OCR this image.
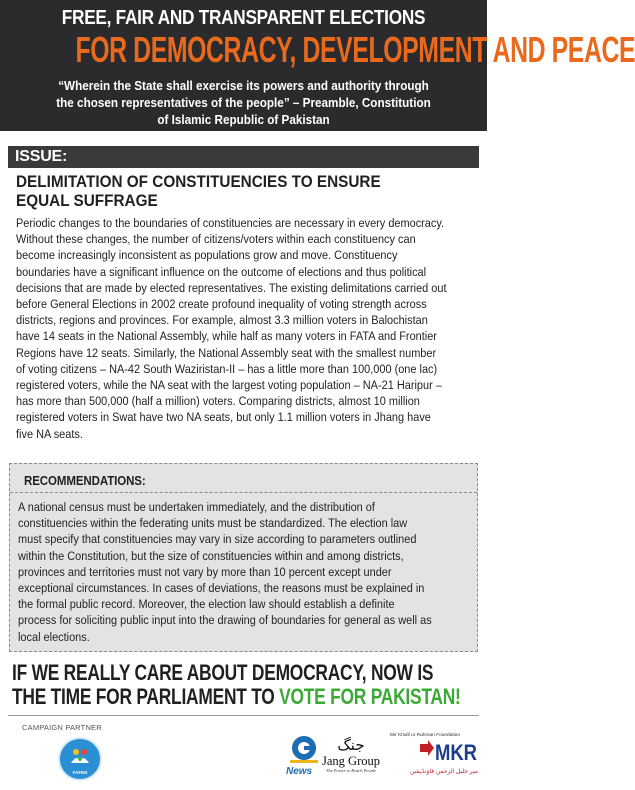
FREE, FAIR AND TRANSPARENT ELECTIONS
FOR DEMOCRACY, DEVELOPMENT AND PEACE
“Wherein the State shall exercise its powers and authority through
the chosen representatives of the people” – Preamble, Constitution
of Islamic Republic of Pakistan
ISSUE:
DELIMITATION OF CONSTITUENCIES TO ENSURE
EQUAL SUFFRAGE
Periodic changes to the boundaries of constituencies are necessary in every democracy.
Without these changes, the number of citizens/voters within each constituency can
become increasingly inconsistent as populations grow and move. Constituency
boundaries have a significant influence on the outcome of elections and thus political
decisions that are made by elected representatives. The existing delimitations carried out
before General Elections in 2002 create profound inequality of voting strength across
districts, regions and provinces. For example, almost 3.3 million voters in Balochistan
have 14 seats in the National Assembly, while half as many voters in FATA and Frontier
Regions have 12 seats. Similarly, the National Assembly seat with the smallest number
of voting citizens – NA-42 South Waziristan-II – has a little more than 100,000 (one lac)
registered voters, while the NA seat with the largest voting population – NA-21 Haripur –
has more than 500,000 (half a million) voters. Comparing districts, almost 10 million
registered voters in Swat have two NA seats, but only 1.1 million voters in Jhang have
five NA seats.
RECOMMENDATIONS:
A national census must be undertaken immediately, and the distribution of
constituencies within the federating units must be standardized. The election law
must specify that constituencies may vary in size according to parameters outlined
within the Constitution, but the size of constituencies within and among districts,
provinces and territories must not vary by more than 10 percent except under
exceptional circumstances. In cases of deviations, the reasons must be explained in
the formal public record. Moreover, the election law should establish a definite
process for soliciting public input into the drawing of boundaries for general as well as
local elections.
IF WE REALLY CARE ABOUT DEMOCRACY, NOW IS
THE TIME FOR PARLIAMENT TO VOTE FOR PAKISTAN!
CAMPAIGN PARTNER
FAFEN	News
جنگ
Jang Group
The Power to Reach People
Mir Khalil ur Rahman Foundation
MKR
میر خلیل الرحمن فاؤنڈیشن
